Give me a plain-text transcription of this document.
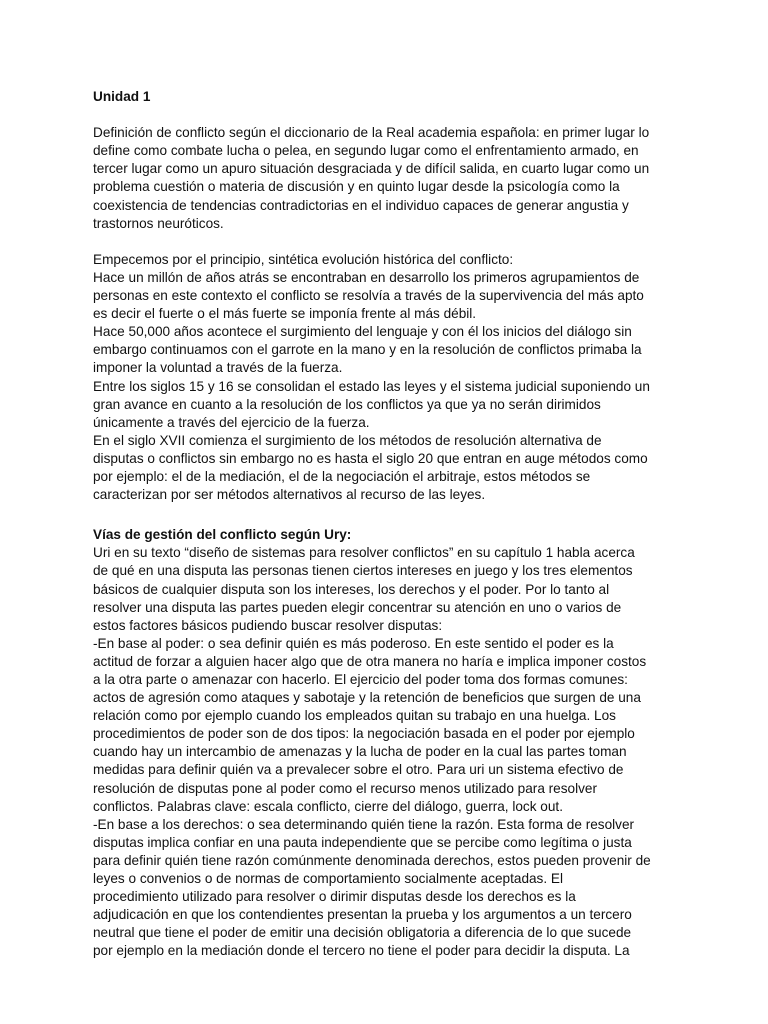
Unidad 1

Definición de conflicto según el diccionario de la Real academia española: en primer lugar lo
define como combate lucha o pelea, en segundo lugar como el enfrentamiento armado, en
tercer lugar como un apuro situación desgraciada y de difícil salida, en cuarto lugar como un
problema cuestión o materia de discusión y en quinto lugar desde la psicología como la
coexistencia de tendencias contradictorias en el individuo capaces de generar angustia y
trastornos neuróticos.

Empecemos por el principio, sintética evolución histórica del conflicto:
Hace un millón de años atrás se encontraban en desarrollo los primeros agrupamientos de
personas en este contexto el conflicto se resolvía a través de la supervivencia del más apto
es decir el fuerte o el más fuerte se imponía frente al más débil.
Hace 50,000 años acontece el surgimiento del lenguaje y con él los inicios del diálogo sin
embargo continuamos con el garrote en la mano y en la resolución de conflictos primaba la
imponer la voluntad a través de la fuerza.
Entre los siglos 15 y 16 se consolidan el estado las leyes y el sistema judicial suponiendo un
gran avance en cuanto a la resolución de los conflictos ya que ya no serán dirimidos
únicamente a través del ejercicio de la fuerza.
En el siglo XVII comienza el surgimiento de los métodos de resolución alternativa de
disputas o conflictos sin embargo no es hasta el siglo 20 que entran en auge métodos como
por ejemplo: el de la mediación, el de la negociación el arbitraje, estos métodos se
caracterizan por ser métodos alternativos al recurso de las leyes.

Vías de gestión del conflicto según Ury:

Uri en su texto “diseño de sistemas para resolver conflictos” en su capítulo 1 habla acerca
de qué en una disputa las personas tienen ciertos intereses en juego y los tres elementos
básicos de cualquier disputa son los intereses, los derechos y el poder. Por lo tanto al
resolver una disputa las partes pueden elegir concentrar su atención en uno o varios de
estos factores básicos pudiendo buscar resolver disputas:
-En base al poder: o sea definir quién es más poderoso. En este sentido el poder es la
actitud de forzar a alguien hacer algo que de otra manera no haría e implica imponer costos
a la otra parte o amenazar con hacerlo. El ejercicio del poder toma dos formas comunes:
actos de agresión como ataques y sabotaje y la retención de beneficios que surgen de una
relación como por ejemplo cuando los empleados quitan su trabajo en una huelga. Los
procedimientos de poder son de dos tipos: la negociación basada en el poder por ejemplo
cuando hay un intercambio de amenazas y la lucha de poder en la cual las partes toman
medidas para definir quién va a prevalecer sobre el otro. Para uri un sistema efectivo de
resolución de disputas pone al poder como el recurso menos utilizado para resolver
conflictos. Palabras clave: escala conflicto, cierre del diálogo, guerra, lock out.
-En base a los derechos: o sea determinando quién tiene la razón. Esta forma de resolver
disputas implica confiar en una pauta independiente que se percibe como legítima o justa
para definir quién tiene razón comúnmente denominada derechos, estos pueden provenir de
leyes o convenios o de normas de comportamiento socialmente aceptadas. El
procedimiento utilizado para resolver o dirimir disputas desde los derechos es la
adjudicación en que los contendientes presentan la prueba y los argumentos a un tercero
neutral que tiene el poder de emitir una decisión obligatoria a diferencia de lo que sucede
por ejemplo en la mediación donde el tercero no tiene el poder para decidir la disputa. La
